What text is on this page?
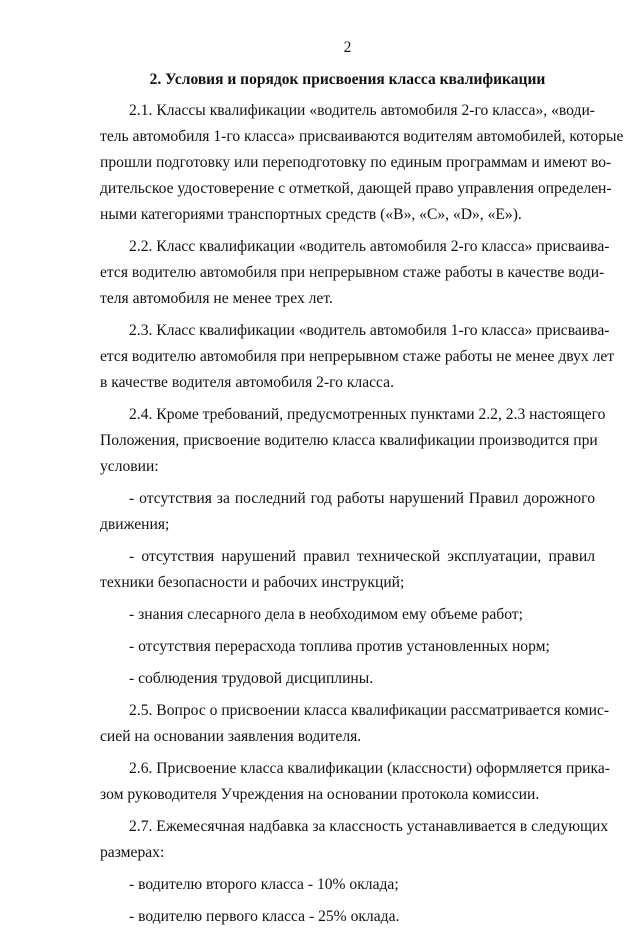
2
2. Условия и порядок присвоения класса квалификации
2.1. Классы квалификации «водитель автомобиля 2-го класса», «води-
тель автомобиля 1-го класса» присваиваются водителям автомобилей, которые
прошли подготовку или переподготовку по единым программам и имеют во-
дительское удостоверение с отметкой, дающей право управления определен-
ными категориями транспортных средств («B», «C», «D», «E»).
2.2. Класс квалификации «водитель автомобиля 2-го класса» присваива-
ется водителю автомобиля при непрерывном стаже работы в качестве води-
теля автомобиля не менее трех лет.
2.3. Класс квалификации «водитель автомобиля 1-го класса» присваива-
ется водителю автомобиля при непрерывном стаже работы не менее двух лет
в качестве водителя автомобиля 2-го класса.
2.4. Кроме требований, предусмотренных пунктами 2.2, 2.3 настоящего
Положения, присвоение водителю класса квалификации производится при
условии:
- отсутствия за последний год работы нарушений Правил дорожного
движения;
- отсутствия нарушений правил технической эксплуатации, правил
техники безопасности и рабочих инструкций;
- знания слесарного дела в необходимом ему объеме работ;
- отсутствия перерасхода топлива против установленных норм;
- соблюдения трудовой дисциплины.
2.5. Вопрос о присвоении класса квалификации рассматривается комис-
сией на основании заявления водителя.
2.6. Присвоение класса квалификации (классности) оформляется прика-
зом руководителя Учреждения на основании протокола комиссии.
2.7. Ежемесячная надбавка за классность устанавливается в следующих
размерах:
- водителю второго класса - 10% оклада;
- водителю первого класса - 25% оклада.
